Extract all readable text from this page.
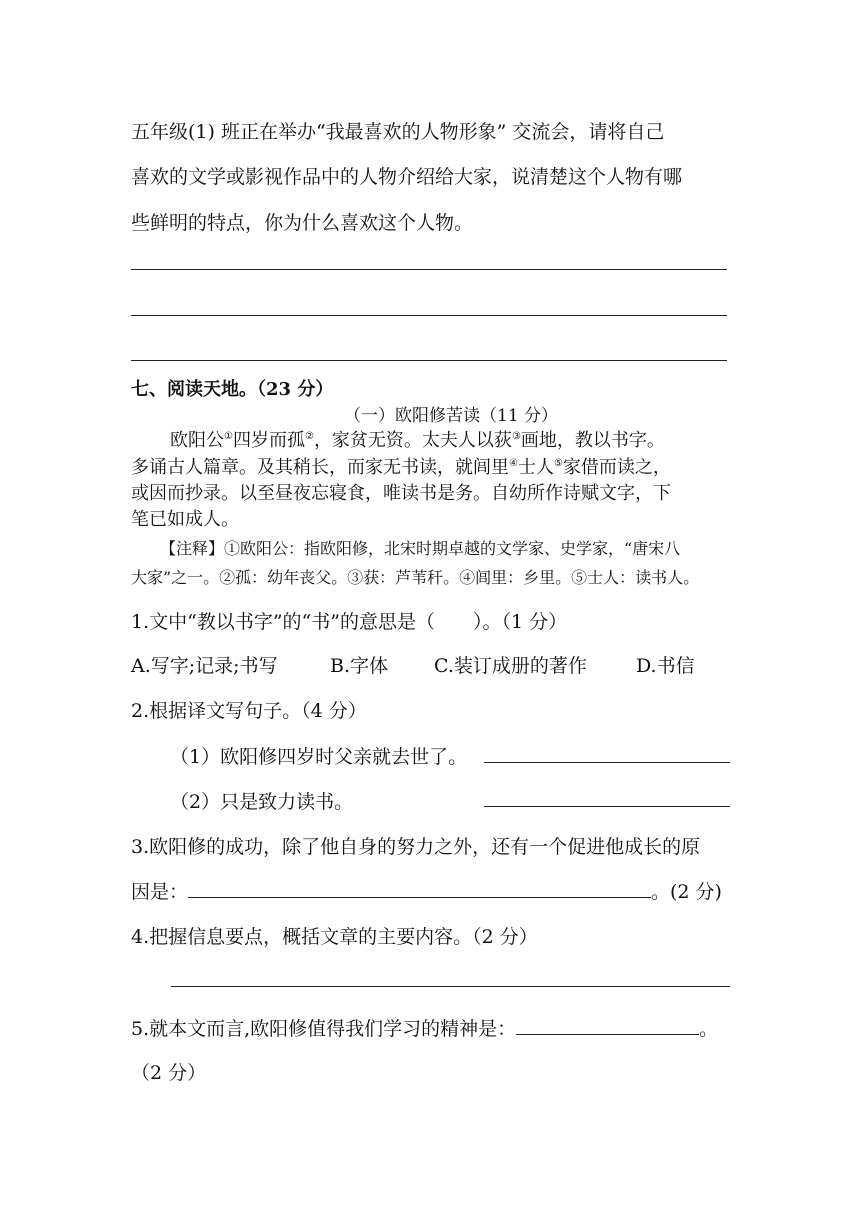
五年级(1) 班正在举办“我最喜欢的人物形象” 交流会，请将自己
喜欢的文学或影视作品中的人物介绍给大家，说清楚这个人物有哪
些鲜明的特点，你为什么喜欢这个人物。
七、阅读天地。（23 分）
（一）欧阳修苦读（11 分）
欧阳公①四岁而孤②，家贫无资。太夫人以荻③画地，教以书字。
多诵古人篇章。及其稍长，而家无书读，就闾里④士人⑤家借而读之，
或因而抄录。以至昼夜忘寝食，唯读书是务。自幼所作诗赋文字，下
笔已如成人。
【注释】①欧阳公：指欧阳修，北宋时期卓越的文学家、史学家，“唐宋八
大家”之一。②孤：幼年丧父。③获：芦苇秆。④闾里：乡里。⑤士人：读书人。
1.文中“教以书字”的“书”的意思是（　　）。（1 分）
A.写字;记录;书写	B.字体 C.装订成册的著作	D.书信
2.根据译文写句子。（4 分）
（1）欧阳修四岁时父亲就去世了。
（2）只是致力读书。
3.欧阳修的成功，除了他自身的努力之外，还有一个促进他成长的原
因是：	。(2 分)
4.把握信息要点，概括文章的主要内容。（2 分）
5.就本文而言,欧阳修值得我们学习的精神是：	。
（2 分）
